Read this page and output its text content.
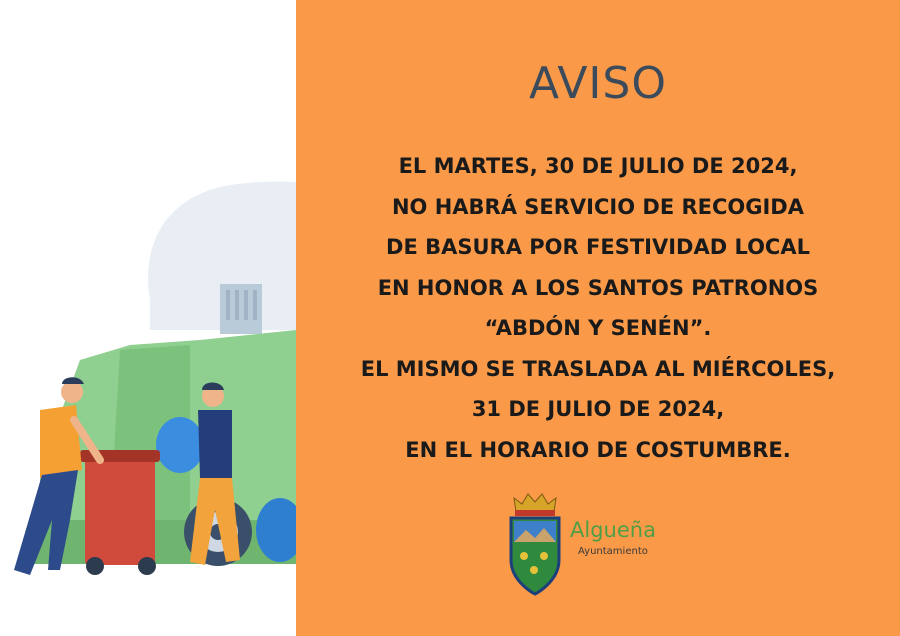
AVISO
EL MARTES, 30 DE JULIO DE 2024,
NO HABRÁ SERVICIO DE RECOGIDA
DE BASURA POR FESTIVIDAD LOCAL
EN HONOR A LOS SANTOS PATRONOS
“ABDÓN Y SENÉN”.
EL MISMO SE TRASLADA AL MIÉRCOLES,
31 DE JULIO DE 2024,
EN EL HORARIO DE COSTUMBRE.
Algueña
Ayuntamiento
